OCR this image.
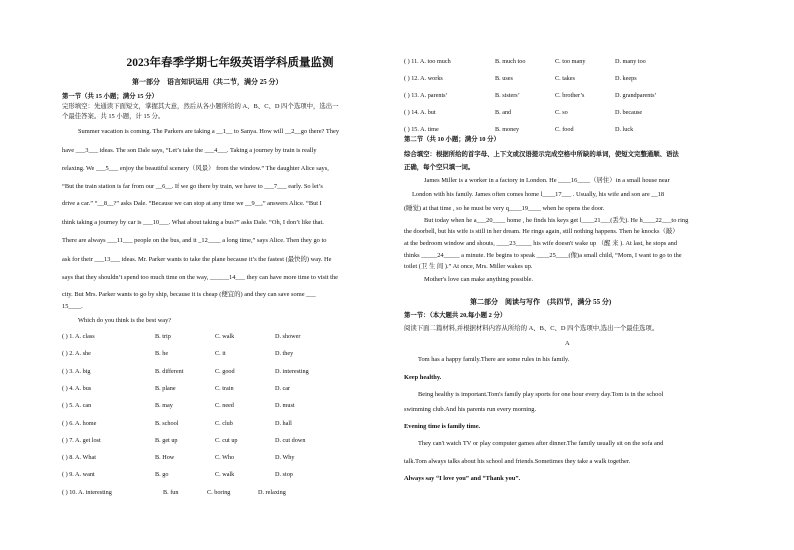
2023年春季学期七年级英语学科质量监测
第一部分　语言知识运用（共二节，满分 25 分）
第一节（共 15 小题；满分 15 分）
完形填空：先通读下面短文，掌握其大意，然后从各小题所给的 A、B、C、D 四个选项中，选出一
个最佳答案。共 15 小题，计 15 分。
Summer vacation is coming. The Parkers are taking a __1__ to Sanya. How will __2__go there? They
have ___3___ ideas. The son Dale says, “Let’s take the ___4___. Taking a journey by train is really
relaxing. We ___5___ enjoy the beautiful scenery（风景） from the window.” The daughter Alice says,
“But the train station is far from our __6__. If we go there by train, we have to ___7___ early. So let’s
drive a car.” “__8__?” asks Dale. “Because we can stop at any time we __9__,” answers Alice. “But I
think taking a journey by car is ___10___. What about taking a bus?” asks Dale. “Oh, I don’t like that.
There are always ___11___ people on the bus, and it _12____ a long time,” says Alice. Then they go to
ask for their ___13___ ideas. Mr. Parker wants to take the plane because it’s the fastest (最快的) way. He
says that they shouldn’t spend too much time on the way, ______14___ they can have more time to visit the
city. But Mrs. Parker wants to go by ship, because it is cheap (便宜的) and they can save some ___
15____.
Which do you think is the best way?
( ) 1. A. class	B. trip	C. walk	D. shower
( ) 2. A. she	B. he	C. it	D. they
( ) 3. A. big	B. different	C. good	D. interesting
( ) 4. A. bus	B. plane	C. train	D. car
( ) 5. A. can	B. may	C. need	D. must
( ) 6. A. home	B. school	C. club	D. hall
( ) 7. A. get lost	B. get up	C. cut up	D. cut down
( ) 8. A. What	B. How	C. Who	D. Why
( ) 9. A. want	B. go	C. walk	D. stop
( ) 10. A. interesting	B. fun	C. boring	D. relaxing
( ) 11. A. too much	B. much too	C. too many	D. many too
( ) 12. A. works	B. uses	C. takes	D. keeps
( ) 13. A. parents’	B. sisters’	C. brother’s	D. grandparents’
( ) 14. A. but	B. and	C. so	D. because
( ) 15. A. time	B. money	C. food	D. luck
第二节（共 10 小题；满分 10 分）
综合填空：根据所给的首字母、上下文或汉语提示完成空格中所缺的单词，使短文完整通顺、语法
正确，每个空只填一词。
James Miller is a worker in a factory in London. He ____16____（居住）in a small house near
London with his family. James often comes home l____17___ . Usually, his wife and son are __18
(睡觉) at that time , so he must be very q____19____ when he opens the door.
But today when he a___20____ home , he finds his keys get l____21___(丢失). He h____22___to ring
the doorbell, but his wife is still in her dream. He rings again, still nothing happens. Then he knocks（敲）
at the bedroom window and shouts, ____23_____ his wife doesn't wake up （醒 来 ). At last, he stops and
thinks _____24_____ a minute. He begins to speak ____25____(像)a small child, “Mom, I want to go to the
toilet (卫 生 间 ).” At once, Mrs. Miller wakes up.
Mother's love can make anything possible.
第二部分　阅读与写作　(共四节，满分 55 分)
第一节：（本大题共 20,每小题 2 分）
阅读下面二篇材料,并根据材料内容从所给的 A、B、C、D 四个选项中,选出一个最佳选项。
A
Tom has a happy family.There are some rules in his family.
Keep healthy.
Being healthy is important.Tom's family play sports for one hour every day.Tom is in the school
swimming club.And his parents run every morning.
Evening time is family time.
They can't watch TV or play computer games after dinner.The family usually sit on the sofa and
talk.Tom always talks about his school and friends.Sometimes they take a walk together.
Always say “I love you” and “Thank you”.
